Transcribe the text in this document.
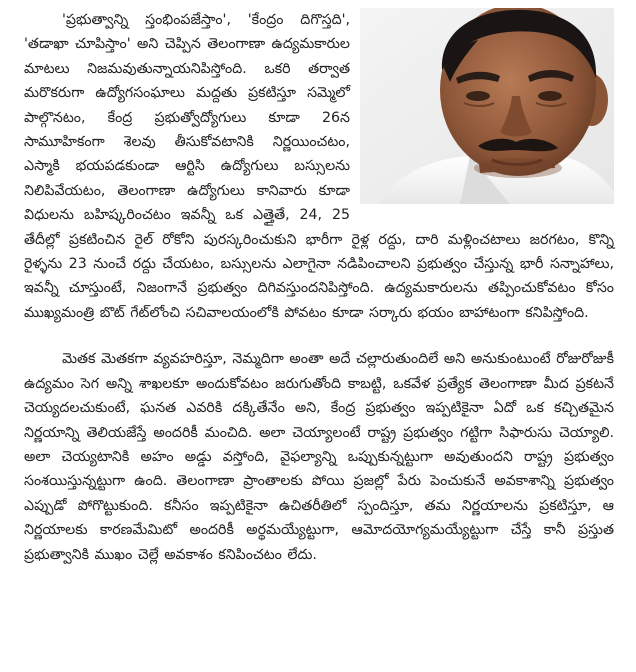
'ప్రభుత్వాన్ని స్తంభింపజేస్తాం', 'కేంద్రం దిగొస్తది', 'తడాఖా చూపిస్తాం' అని చెప్పిన తెలంగాణా ఉద్యమకారుల మాటలు నిజమవుతున్నాయనిపిస్తోంది. ఒకరి తర్వాత మరొకరుగా ఉద్యోగసంఘాలు మద్దతు ప్రకటిస్తూ సమ్మెలో పాల్గొనటం, కేంద్ర ప్రభుత్వోద్యోగులు కూడా 26న సామూహికంగా శెలవు తీసుకోవటానికి నిర్ణయించటం, ఎస్మాకి భయపడకుండా ఆర్టిసి ఉద్యోగులు బస్సులను నిలిపివేయటం, తెలంగాణా ఉద్యోగులు కానివారు కూడా విధులను బహిష్కరించటం ఇవన్నీ ఒక ఎత్తైతే, 24, 25 తేదీల్లో ప్రకటించిన రైల్ రోకోని పురస్కరించుకుని భారీగా రైళ్ల రద్దు, దారి మళ్లించటాలు జరగటం, కొన్ని రైళ్ళను 23 నుంచే రద్దు చేయటం, బస్సులను ఎలాగైనా నడిపించాలని ప్రభుత్వం చేస్తున్న భారీ సన్నాహాలు, ఇవన్నీ చూస్తుంటే, నిజంగానే ప్రభుత్వం దిగివస్తుందనిపిస్తోంది. ఉద్యమకారులను తప్పించుకోవటం కోసం ముఖ్యమంత్రి బొట్ గేట్‌లోంచి సచివాలయంలోకి పోవటం కూడా సర్కారు భయం బాహాటంగా కనిపిస్తోంది.

మెతక మెతకగా వ్యవహరిస్తూ, నెమ్మదిగా అంతా అదే చల్లారుతుందిలే అని అనుకుంటుంటే రోజురోజుకీ ఉద్యమం సెగ అన్ని శాఖలకూ అందుకోవటం జరుగుతోంది కాబట్టి, ఒకవేళ ప్రత్యేక తెలంగాణా మీద ప్రకటనే చెయ్యదలచుకుంటే, ఘనత ఎవరికి దక్కితేనేం అని, కేంద్ర ప్రభుత్వం ఇప్పటికైనా ఏదో ఒక కచ్చితమైన నిర్ణయాన్ని తెలియజేస్తే అందరికీ మంచిది. అలా చెయ్యాలంటే రాష్ట్ర ప్రభుత్వం గట్టిగా సిఫారుసు చెయ్యాలి. అలా చెయ్యటానికి అహం అడ్డు వస్తోంది, వైఫల్యాన్ని ఒప్పుకున్నట్టుగా అవుతుందని రాష్ట్ర ప్రభుత్వం సంశయిస్తున్నట్టుగా ఉంది. తెలంగాణా ప్రాంతాలకు పోయి ప్రజల్లో పేరు పెంచుకునే అవకాశాన్ని ప్రభుత్వం ఎప్పుడో పోగొట్టుకుంది. కనీసం ఇప్పటికైనా ఉచితరీతిలో స్పందిస్తూ, తమ నిర్ణయాలను ప్రకటిస్తూ, ఆ నిర్ణయాలకు కారణమేమిటో అందరికీ అర్థమయ్యేట్టుగా, ఆమోదయోగ్యమయ్యేట్టుగా చేస్తే కానీ ప్రస్తుత ప్రభుత్వానికి ముఖం చెల్లే అవకాశం కనిపించటం లేదు.
